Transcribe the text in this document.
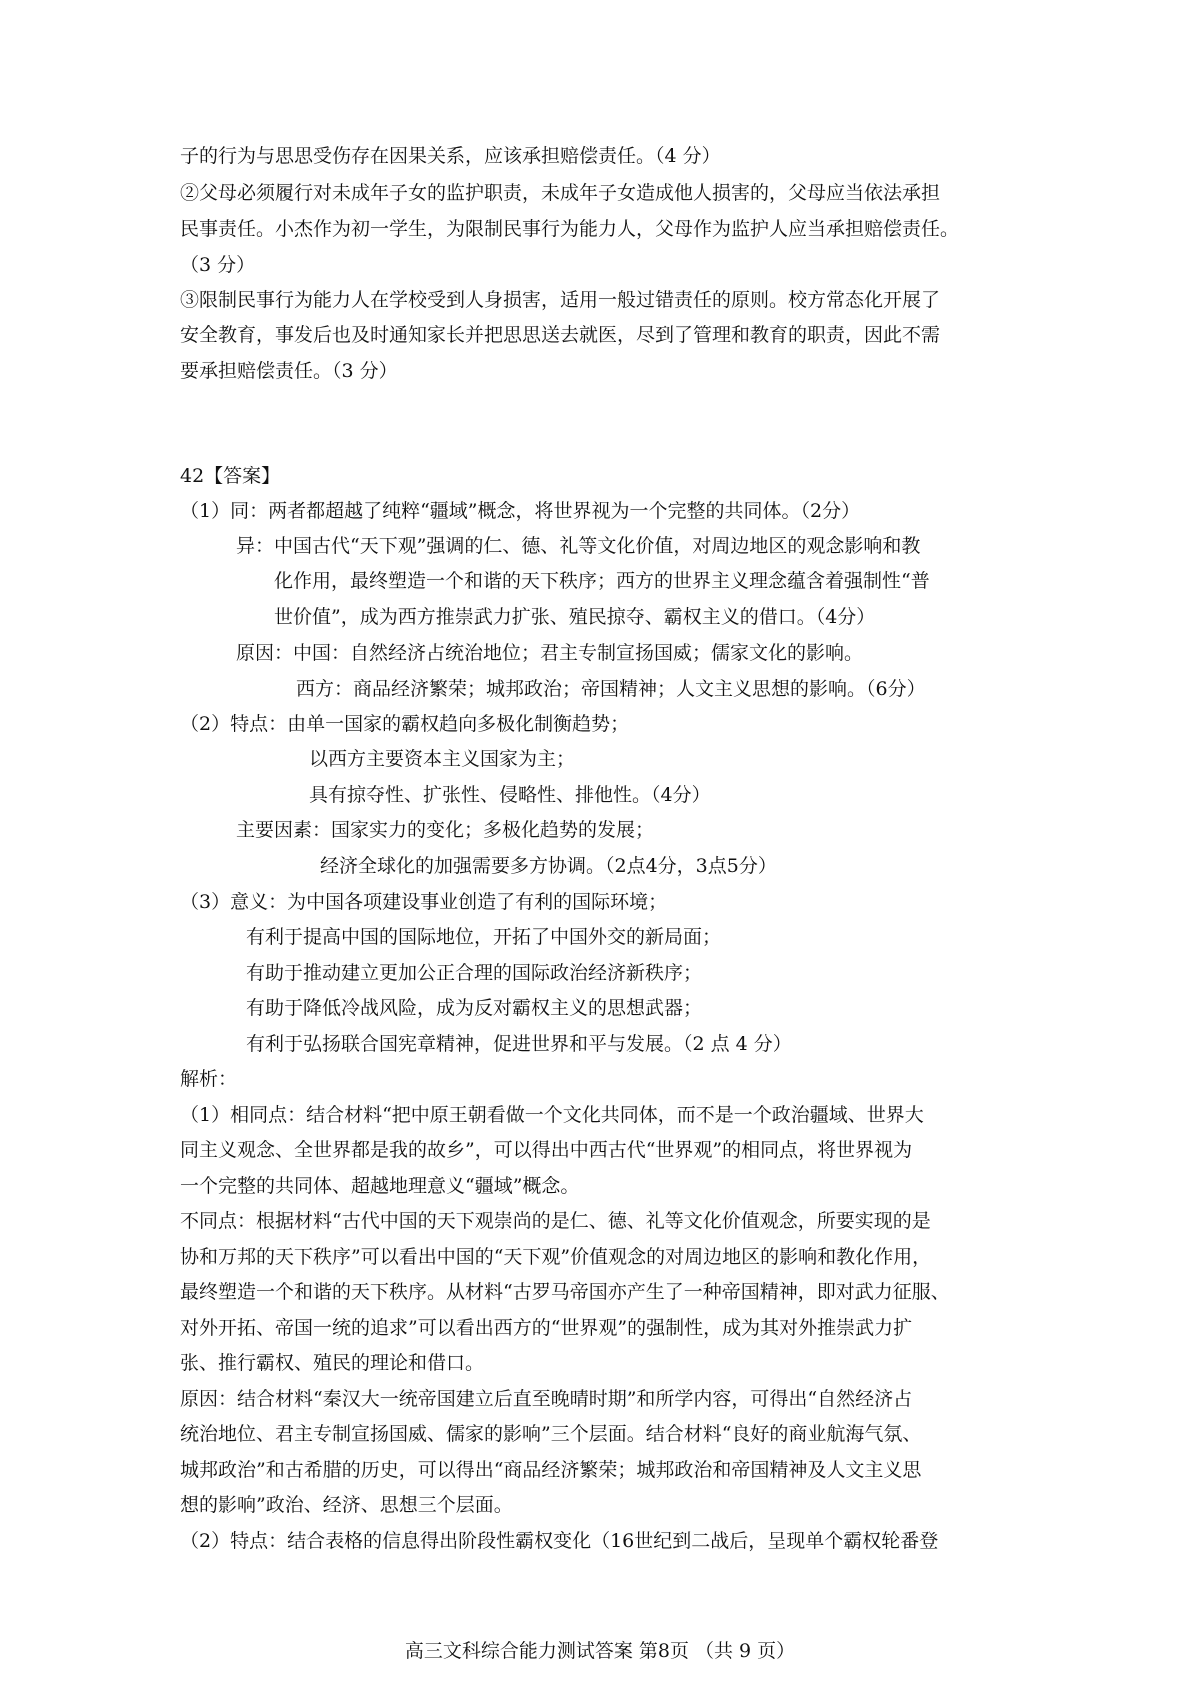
子的行为与思思受伤存在因果关系，应该承担赔偿责任。（4 分）
②父母必须履行对未成年子女的监护职责，未成年子女造成他人损害的，父母应当依法承担
民事责任。小杰作为初一学生，为限制民事行为能力人，父母作为监护人应当承担赔偿责任。
（3 分）
③限制民事行为能力人在学校受到人身损害，适用一般过错责任的原则。校方常态化开展了
安全教育，事发后也及时通知家长并把思思送去就医，尽到了管理和教育的职责，因此不需
要承担赔偿责任。（3 分）
42【答案】
（1）同：两者都超越了纯粹“疆域”概念，将世界视为一个完整的共同体。（2分）
异：中国古代“天下观”强调的仁、德、礼等文化价值，对周边地区的观念影响和教
化作用，最终塑造一个和谐的天下秩序；西方的世界主义理念蕴含着强制性“普
世价值”，成为西方推崇武力扩张、殖民掠夺、霸权主义的借口。（4分）
原因：中国：自然经济占统治地位；君主专制宣扬国威；儒家文化的影响。
西方：商品经济繁荣；城邦政治；帝国精神；人文主义思想的影响。（6分）
（2）特点：由单一国家的霸权趋向多极化制衡趋势；
以西方主要资本主义国家为主；
具有掠夺性、扩张性、侵略性、排他性。（4分）
主要因素：国家实力的变化；多极化趋势的发展；
经济全球化的加强需要多方协调。（2点4分，3点5分）
（3）意义：为中国各项建设事业创造了有利的国际环境；
有利于提高中国的国际地位，开拓了中国外交的新局面；
有助于推动建立更加公正合理的国际政治经济新秩序；
有助于降低冷战风险，成为反对霸权主义的思想武器；
有利于弘扬联合国宪章精神，促进世界和平与发展。（2 点 4 分）
解析：
（1）相同点：结合材料“把中原王朝看做一个文化共同体，而不是一个政治疆域、世界大
同主义观念、全世界都是我的故乡”，可以得出中西古代“世界观”的相同点，将世界视为
一个完整的共同体、超越地理意义“疆域”概念。
不同点：根据材料“古代中国的天下观崇尚的是仁、德、礼等文化价值观念，所要实现的是
协和万邦的天下秩序”可以看出中国的“天下观”价值观念的对周边地区的影响和教化作用，
最终塑造一个和谐的天下秩序。从材料“古罗马帝国亦产生了一种帝国精神，即对武力征服、
对外开拓、帝国一统的追求”可以看出西方的“世界观”的强制性，成为其对外推崇武力扩
张、推行霸权、殖民的理论和借口。
原因：结合材料“秦汉大一统帝国建立后直至晚晴时期”和所学内容，可得出“自然经济占
统治地位、君主专制宣扬国威、儒家的影响”三个层面。结合材料“良好的商业航海气氛、
城邦政治”和古希腊的历史，可以得出“商品经济繁荣；城邦政治和帝国精神及人文主义思
想的影响”政治、经济、思想三个层面。
（2）特点：结合表格的信息得出阶段性霸权变化（16世纪到二战后，呈现单个霸权轮番登
高三文科综合能力测试答案 第8页 （共 9 页）
